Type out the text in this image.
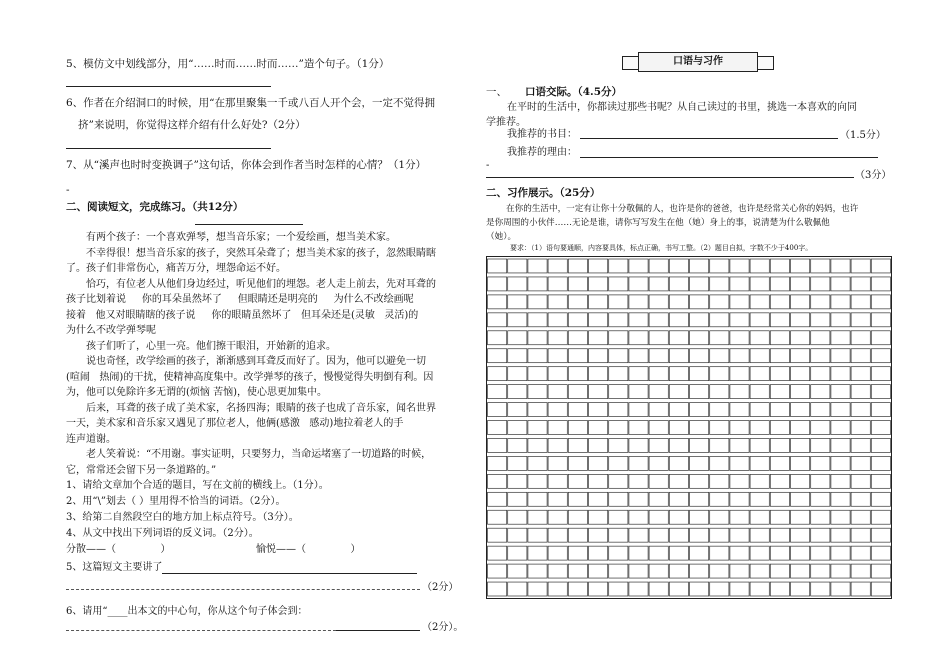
5、模仿文中划线部分，用“……时而……时而……”造个句子。（1分）
6、作者在介绍洞口的时候，用“在那里聚集一千或八百人开个会，一定不觉得拥
挤”来说明，你觉得这样介绍有什么好处?（2分）
7、从“溪声也时时变换调子”这句话，你体会到作者当时怎样的心情？（1分）
-
二、阅读短文，完成练习。（共12分）
有两个孩子：一个喜欢弹琴，想当音乐家；一个爱绘画，想当美术家。
不幸得很！想当音乐家的孩子，突然耳朵聋了；想当美术家的孩子，忽然眼睛瞎
了。孩子们非常伤心，痛苦万分，埋怨命运不好。
恰巧，有位老人从他们身边经过，听见他们的埋怨。老人走上前去，先对耳聋的
孩子比划着说     你的耳朵虽然坏了     但眼睛还是明亮的     为什么不改绘画呢
接着   他又对眼睛瞎的孩子说     你的眼睛虽然坏了   但耳朵还是(灵敏   灵活)的
为什么不改学弹琴呢
孩子们听了，心里一亮。他们擦干眼泪，开始新的追求。
说也奇怪，改学绘画的孩子，渐渐感到耳聋反而好了。因为，他可以避免一切
(喧闹   热闹)的干扰，使精神高度集中。改学弹琴的孩子，慢慢觉得失明倒有利。因
为，他可以免除许多无谓的(烦恼 苦恼)，使心思更加集中。
后来，耳聋的孩子成了美术家，名扬四海；眼睛的孩子也成了音乐家，闻名世界
一天，美术家和音乐家又遇见了那位老人，他俩(感激   感动)地拉着老人的手
连声道谢。
老人笑着说：“不用谢。事实证明，只要努力，当命运堵塞了一切道路的时候，
它，常常还会留下另一条道路的。”
1、请给文章加个合适的题目，写在文前的横线上。（1分）。
2、用“\”划去（ ）里用得不恰当的词语。（2分）。
3、给第二自然段空白的地方加上标点符号。（3分）。
4、从文中找出下列词语的反义词。（2分）。
分散——（              ）	愉悦——（              ）
5、这篇短文主要讲了
（2分）
6、请用“____出本文的中心句，你从这个句子体会到：
（2分）。
口语与习作
一、 口语交际。（4.5分）
在平时的生活中，你都读过那些书呢？从自己读过的书里，挑选一本喜欢的向同
学推荐。
我推荐的书目：	（1.5分）
我推荐的理由：
-
（3分）
二、习作展示。（25分）
在你的生活中，一定有让你十分敬佩的人，也许是你的爸爸，也许是经常关心你的妈妈，也许
是你周围的小伙伴……无论是谁，请你写写发生在他（她）身上的事，说清楚为什么敬佩他
（她）。
要求：（1）语句要通顺，内容要具体，标点正确，书写工整。（2）题目自拟，字数不少于400字。
